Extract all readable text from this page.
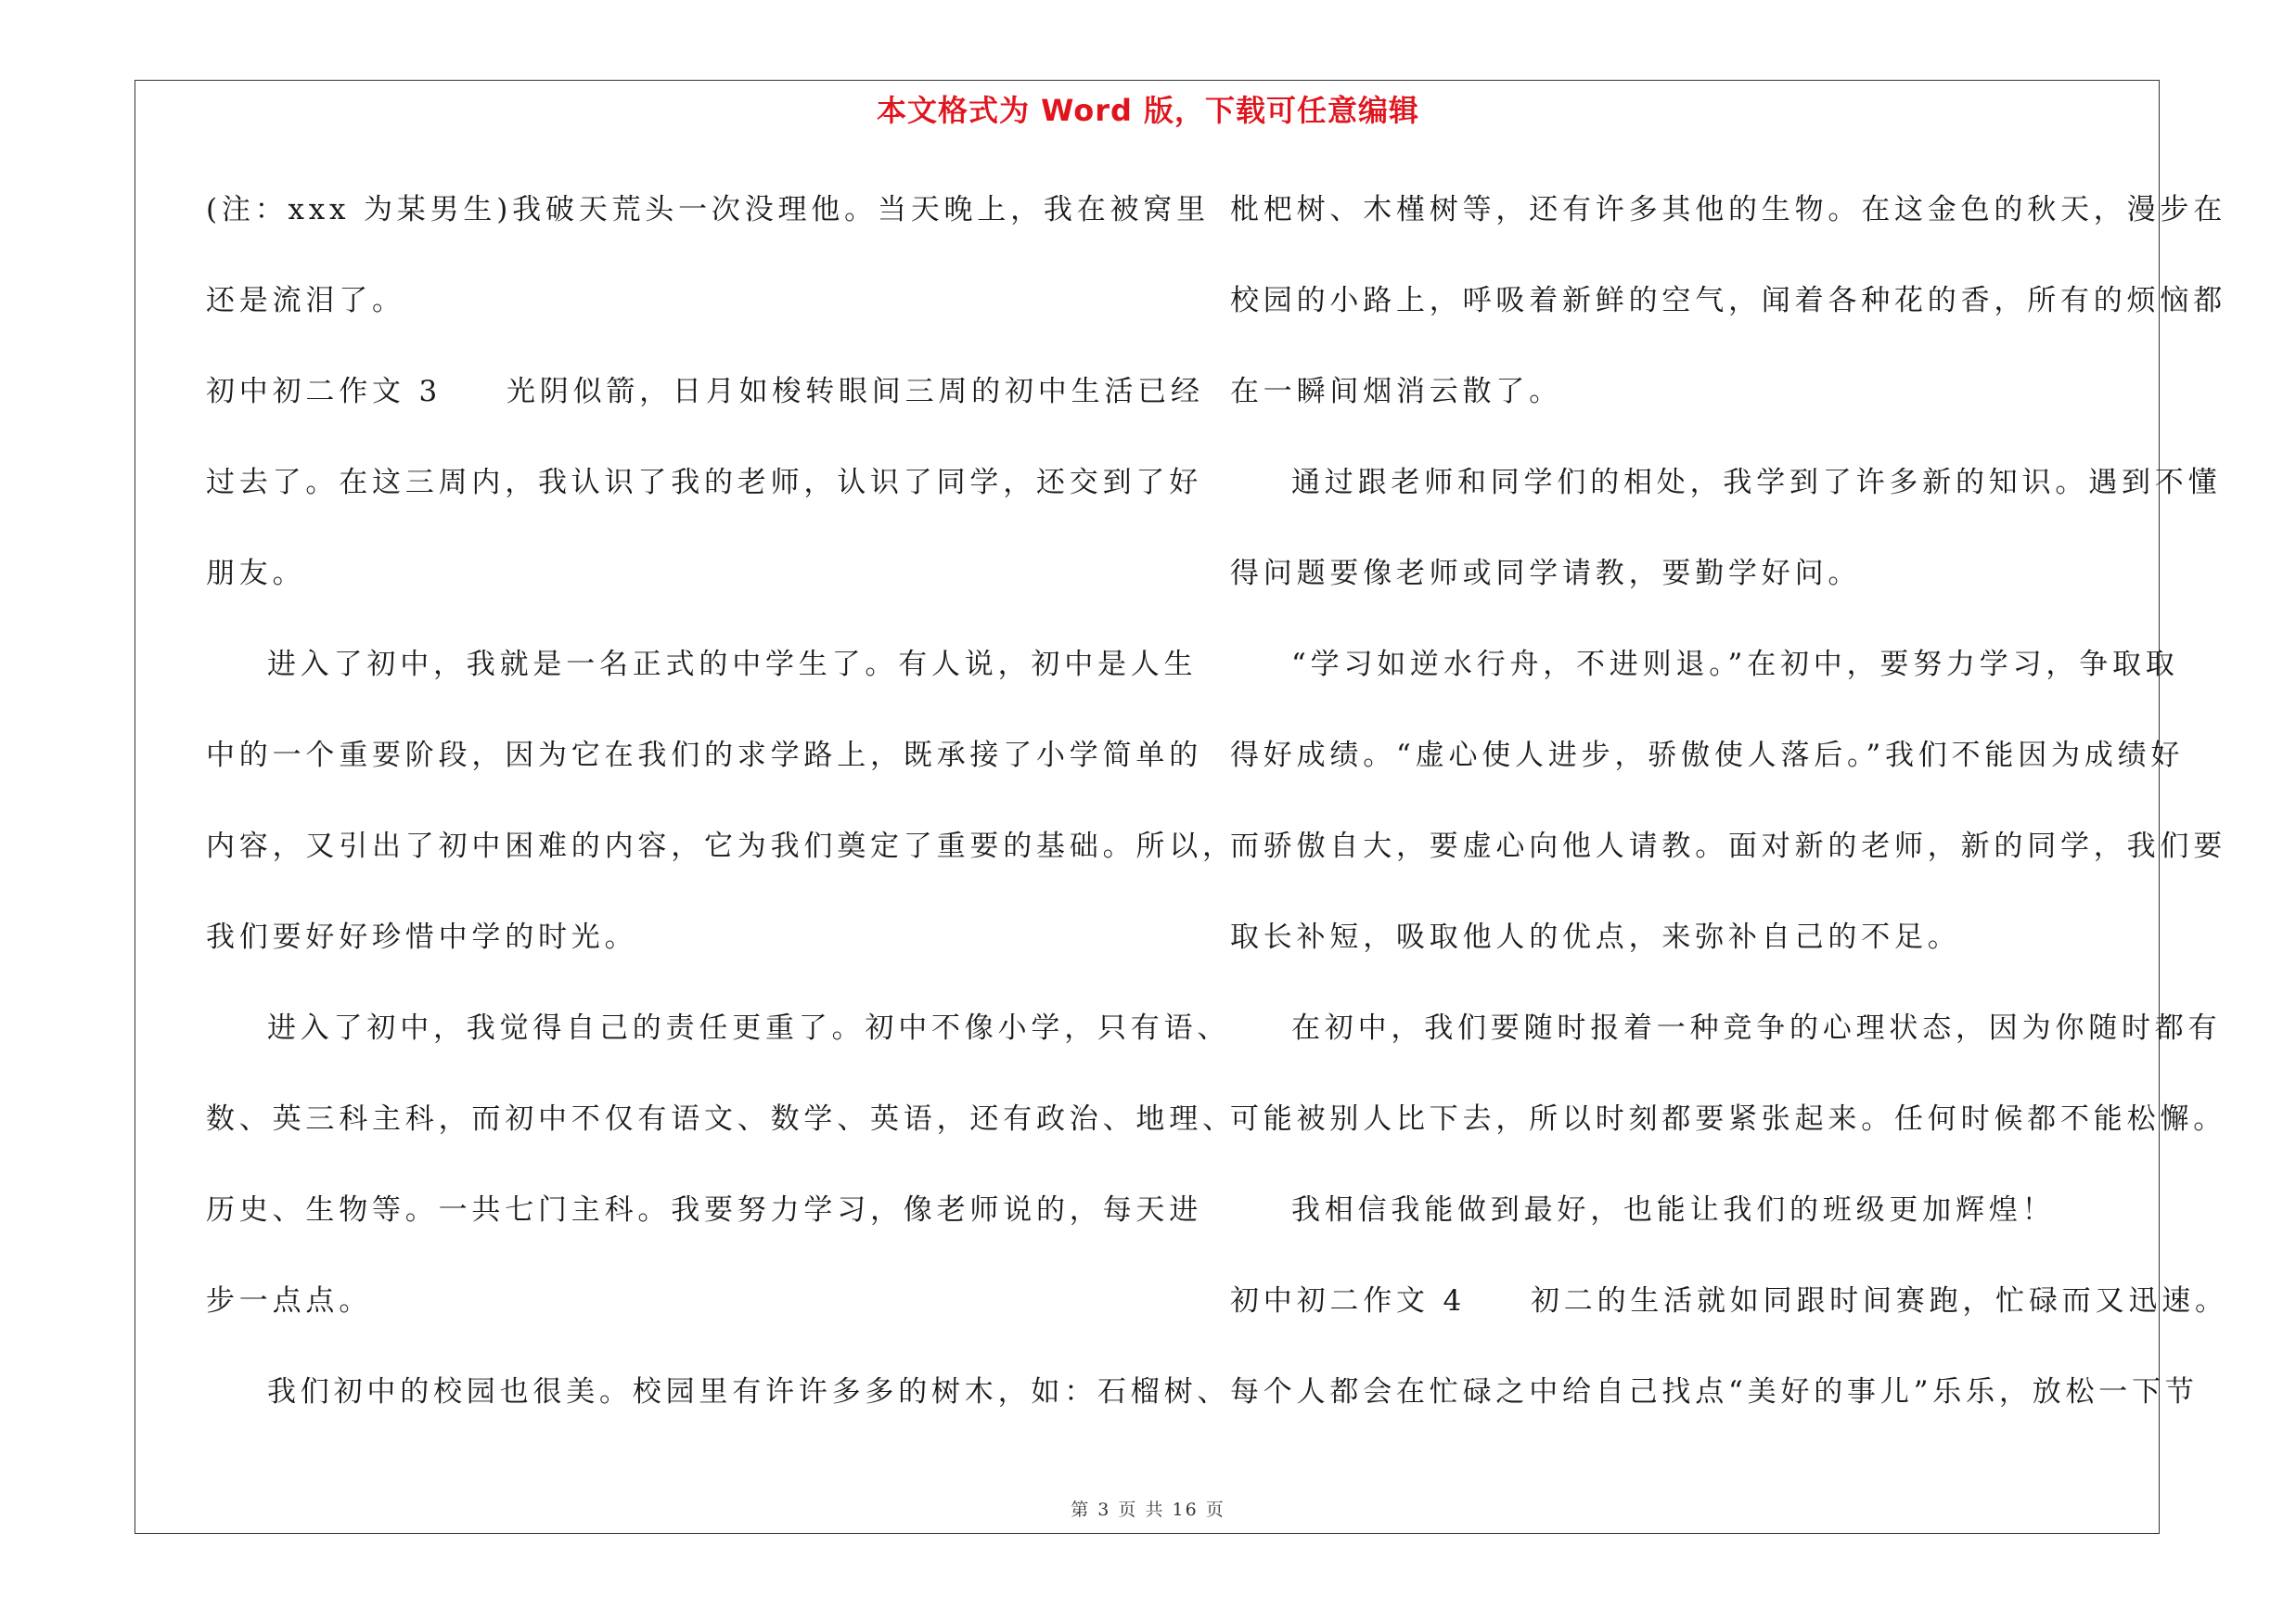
本文格式为 Word 版，下载可任意编辑
(注：xxx 为某男生)我破天荒头一次没理他。当天晚上，我在被窝里
还是流泪了。
初中初二作文 3 光阴似箭，日月如梭转眼间三周的初中生活已经
过去了。在这三周内，我认识了我的老师，认识了同学，还交到了好
朋友。
进入了初中，我就是一名正式的中学生了。有人说，初中是人生
中的一个重要阶段，因为它在我们的求学路上，既承接了小学简单的
内容，又引出了初中困难的内容，它为我们奠定了重要的基础。所以，
我们要好好珍惜中学的时光。
进入了初中，我觉得自己的责任更重了。初中不像小学，只有语、
数、英三科主科，而初中不仅有语文、数学、英语，还有政治、地理、
历史、生物等。一共七门主科。我要努力学习，像老师说的，每天进
步一点点。
我们初中的校园也很美。校园里有许许多多的树木，如：石榴树、
枇杷树、木槿树等，还有许多其他的生物。在这金色的秋天，漫步在
校园的小路上，呼吸着新鲜的空气，闻着各种花的香，所有的烦恼都
在一瞬间烟消云散了。
通过跟老师和同学们的相处，我学到了许多新的知识。遇到不懂
得问题要像老师或同学请教，要勤学好问。
“学习如逆水行舟，不进则退。”在初中，要努力学习，争取取
得好成绩。“虚心使人进步，骄傲使人落后。”我们不能因为成绩好
而骄傲自大，要虚心向他人请教。面对新的老师，新的同学，我们要
取长补短，吸取他人的优点，来弥补自己的不足。
在初中，我们要随时报着一种竞争的心理状态，因为你随时都有
可能被别人比下去，所以时刻都要紧张起来。任何时候都不能松懈。
我相信我能做到最好，也能让我们的班级更加辉煌！
初中初二作文 4 初二的生活就如同跟时间赛跑，忙碌而又迅速。
每个人都会在忙碌之中给自己找点“美好的事儿”乐乐，放松一下节
第 3 页 共 16 页
